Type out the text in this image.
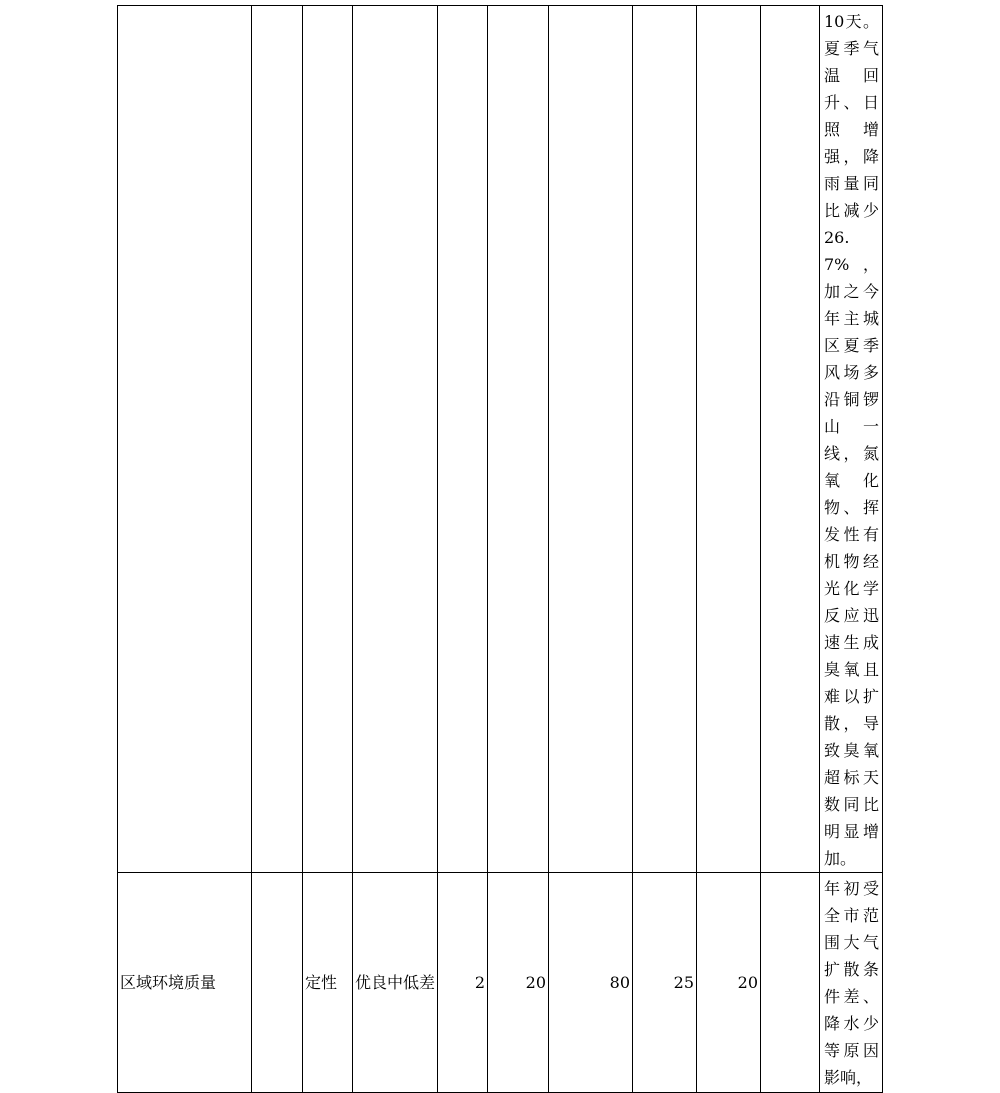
										10天。夏季气温回升、日照增强，降雨量同比减少26.7%，加之今年主城区夏季风场多沿铜锣山一线，氮氧化物、挥发性有机物经光化学反应迅速生成臭氧且难以扩散，导致臭氧超标天数同比明显增加。

区域环境质量		定性	优良中低差	2	20	80	25	20		年初受全市范围大气扩散条件差、降水少等原因影响，
